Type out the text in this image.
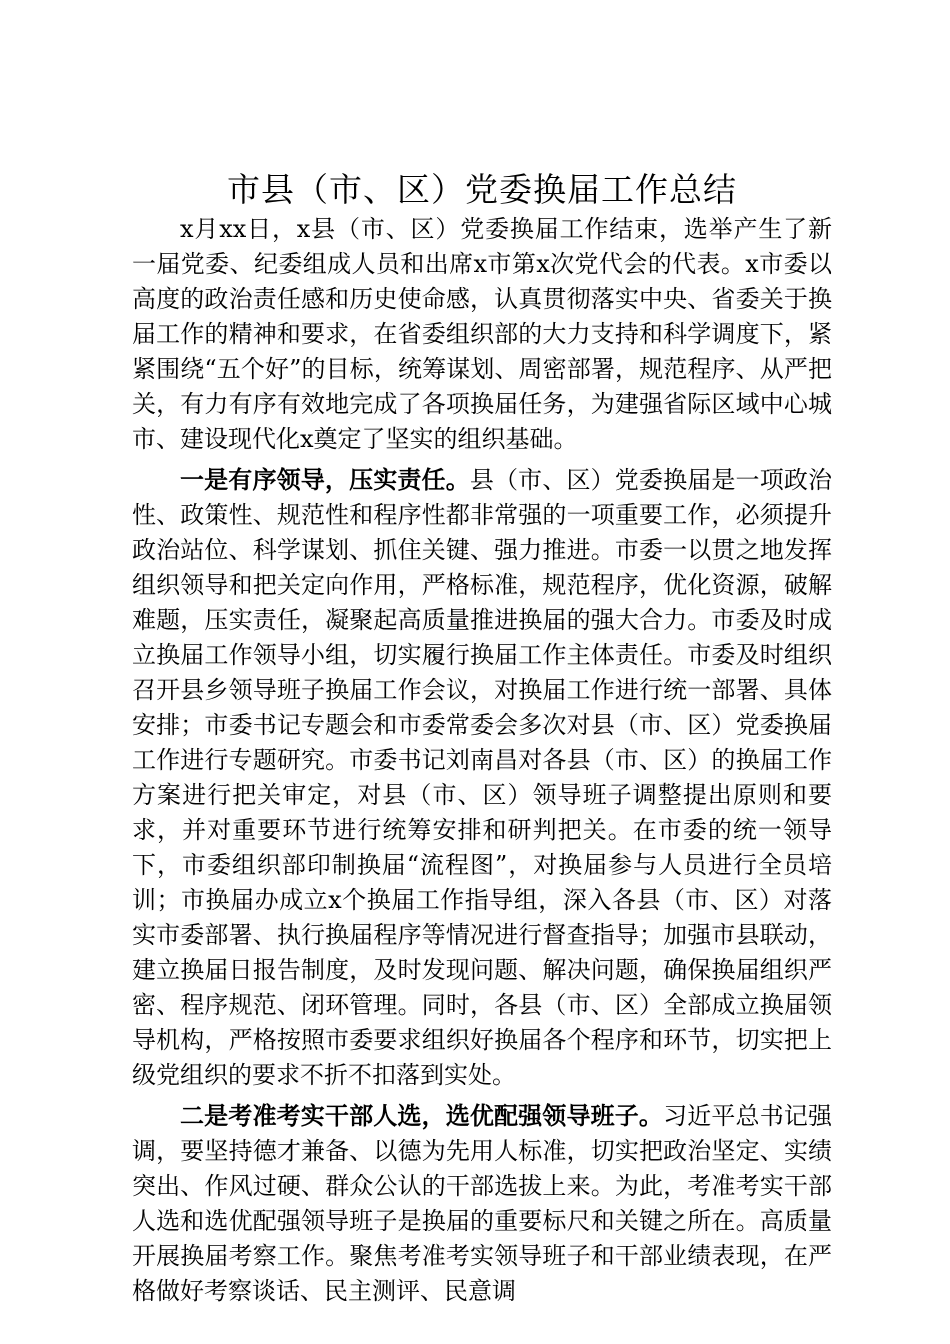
市县（市、区）党委换届工作总结

x月xx日，x县（市、区）党委换届工作结束，选举产生了新一届党委、纪委组成人员和出席x市第x次党代会的代表。x市委以高度的政治责任感和历史使命感，认真贯彻落实中央、省委关于换届工作的精神和要求，在省委组织部的大力支持和科学调度下，紧紧围绕“五个好”的目标，统筹谋划、周密部署，规范程序、从严把关，有力有序有效地完成了各项换届任务，为建强省际区域中心城市、建设现代化x奠定了坚实的组织基础。

一是有序领导，压实责任。县（市、区）党委换届是一项政治性、政策性、规范性和程序性都非常强的一项重要工作，必须提升政治站位、科学谋划、抓住关键、强力推进。市委一以贯之地发挥组织领导和把关定向作用，严格标准，规范程序，优化资源，破解难题，压实责任，凝聚起高质量推进换届的强大合力。市委及时成立换届工作领导小组，切实履行换届工作主体责任。市委及时组织召开县乡领导班子换届工作会议，对换届工作进行统一部署、具体安排；市委书记专题会和市委常委会多次对县（市、区）党委换届工作进行专题研究。市委书记刘南昌对各县（市、区）的换届工作方案进行把关审定，对县（市、区）领导班子调整提出原则和要求，并对重要环节进行统筹安排和研判把关。在市委的统一领导下，市委组织部印制换届“流程图”，对换届参与人员进行全员培训；市换届办成立x个换届工作指导组，深入各县（市、区）对落实市委部署、执行换届程序等情况进行督查指导；加强市县联动，建立换届日报告制度，及时发现问题、解决问题，确保换届组织严密、程序规范、闭环管理。同时，各县（市、区）全部成立换届领导机构，严格按照市委要求组织好换届各个程序和环节，切实把上级党组织的要求不折不扣落到实处。

二是考准考实干部人选，选优配强领导班子。习近平总书记强调，要坚持德才兼备、以德为先用人标准，切实把政治坚定、实绩突出、作风过硬、群众公认的干部选拔上来。为此，考准考实干部人选和选优配强领导班子是换届的重要标尺和关键之所在。高质量开展换届考察工作。聚焦考准考实领导班子和干部业绩表现，在严格做好考察谈话、民主测评、民意调
